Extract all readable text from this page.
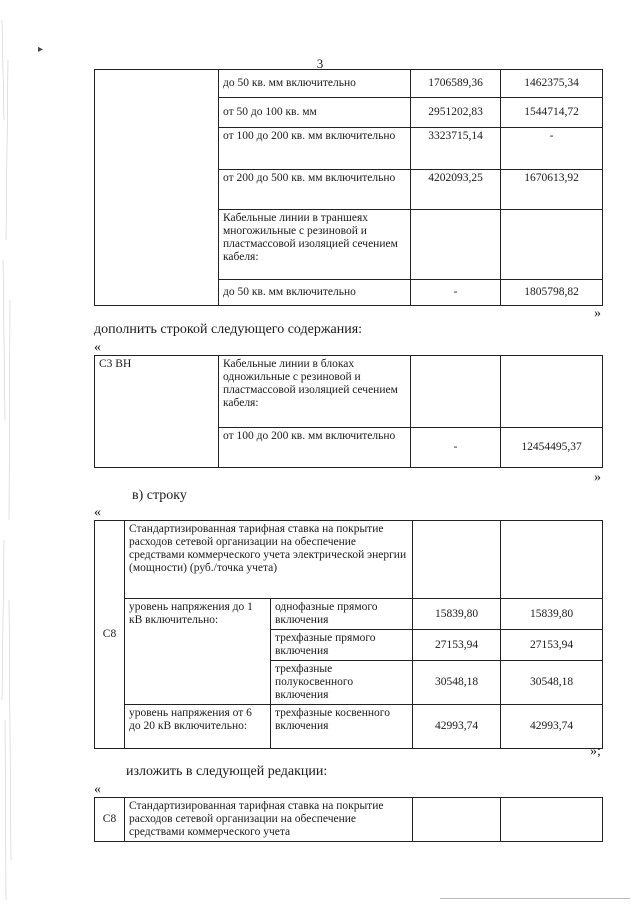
▸
3
	до 50 кв. мм включительно	1706589,36	1462375,34
	от 50 до 100 кв. мм	2951202,83	1544714,72
	от 100 до 200 кв. мм включительно	3323715,14	-
	от 200 до 500 кв. мм включительно	4202093,25	1670613,92
	Кабельные линии в траншеях многожильные с резиновой и пластмассовой изоляцией сечением кабеля:		
	до 50 кв. мм включительно	-	1805798,82
»
дополнить строкой следующего содержания:
«
С3 ВН	Кабельные линии в блоках одножильные с резиновой и пластмассовой изоляцией сечением кабеля:		
	от 100 до 200 кв. мм включительно	-	12454495,37
»
в) строку
«
С8	Стандартизированная тарифная ставка на покрытие расходов сетевой организации на обеспечение средствами коммерческого учета электрической энергии (мощности) (руб./точка учета)			
	уровень напряжения до 1 кВ включительно:	однофазные прямого включения	15839,80	15839,80
		трехфазные прямого включения	27153,94	27153,94
		трехфазные полукосвенного включения	30548,18	30548,18
	уровень напряжения от 6 до 20 кВ включительно:	трехфазные косвенного включения	42993,74	42993,74
»;
изложить в следующей редакции:
«
С8	Стандартизированная тарифная ставка на покрытие расходов сетевой организации на обеспечение средствами коммерческого учета		
